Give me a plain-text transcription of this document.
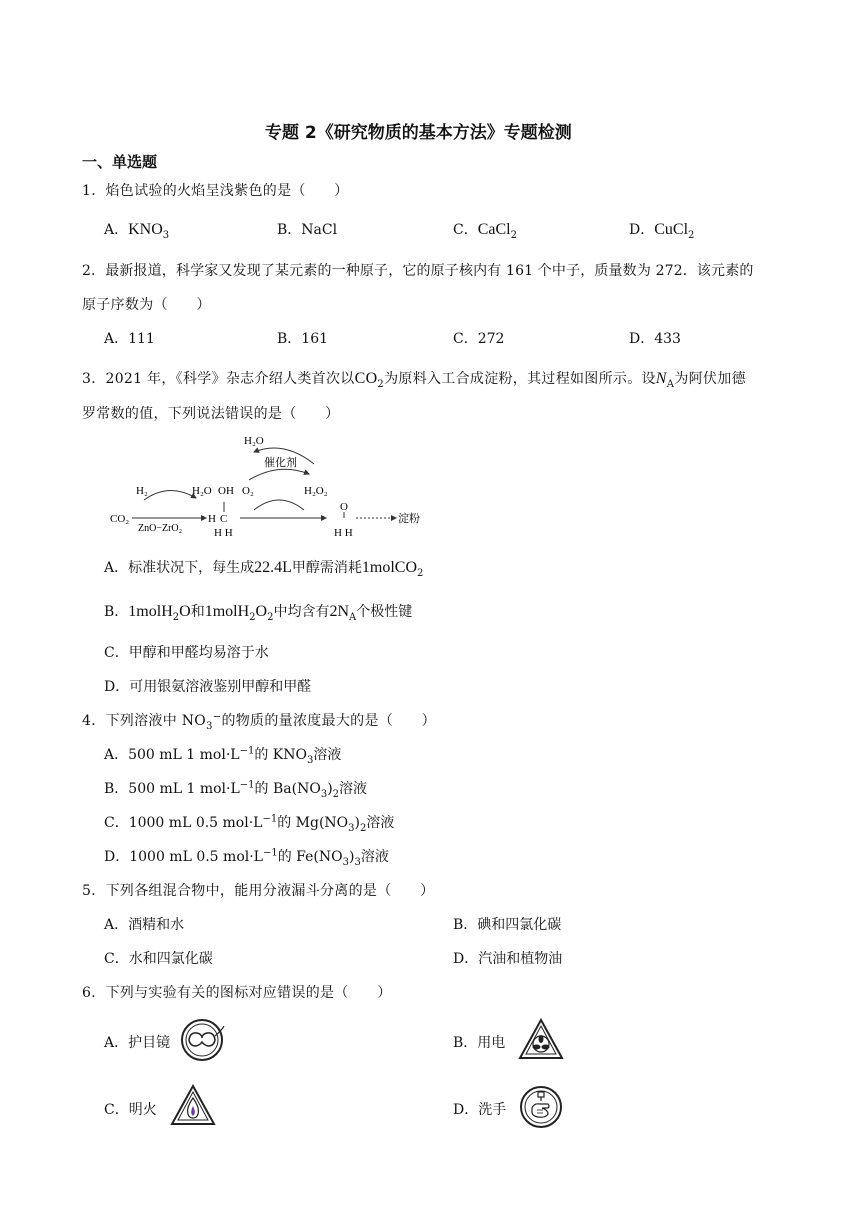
专题 2《研究物质的基本方法》专题检测
一、单选题
1．焰色试验的火焰呈浅紫色的是（　　）
A．$KNO_3$	B．NaCl	C．CaCl$_2$	D．CuCl$_2$
2．最新报道，科学家又发现了某元素的一种原子，它的原子核内有 161 个中子，质量数为 272．该元素的
原子序数为（　　）
A．111	B．161	C．272	D．433
3．2021 年，《科学》杂志介绍人类首次以$CO_2$为原料入工合成淀粉，其过程如图所示。设$N_A$为阿伏加德
罗常数的值，下列说法错误的是（　　）
H₂O
催化剂
H₂	H₂O OH O₂	H₂O₂
O
CO₂
ZnO−ZrO₂
H C
H H	H H
淀粉
A．标准状况下，每生成22.4L甲醇需消耗1molCO$_2$
B．1molH$_2$O和$1molH_2O_2$中均含有$2N_A$个极性键
C．甲醇和甲醛均易溶于水
D．可用银氨溶液鉴别甲醇和甲醛
4．下列溶液中 $NO_3^-$的物质的量浓度最大的是（　　）
A．500 mL 1 $mol\cdot L^{-1}$的 $KNO_3$溶液
B．500 mL 1 $mol\cdot L^{-1}$的 $Ba(NO_3)_2$溶液
C．1000 mL 0.5 $mol\cdot L^{-1}$的 $Mg(NO_3)_2$溶液
D．1000 mL 0.5 $mol\cdot L^{-1}$的 $Fe(NO_3)_3$溶液
5．下列各组混合物中，能用分液漏斗分离的是（　　）
A．酒精和水	B．碘和四氯化碳
C．水和四氯化碳	D．汽油和植物油
6．下列与实验有关的图标对应错误的是（　　）
A．护目镜	B．用电
C．明火	D．洗手
